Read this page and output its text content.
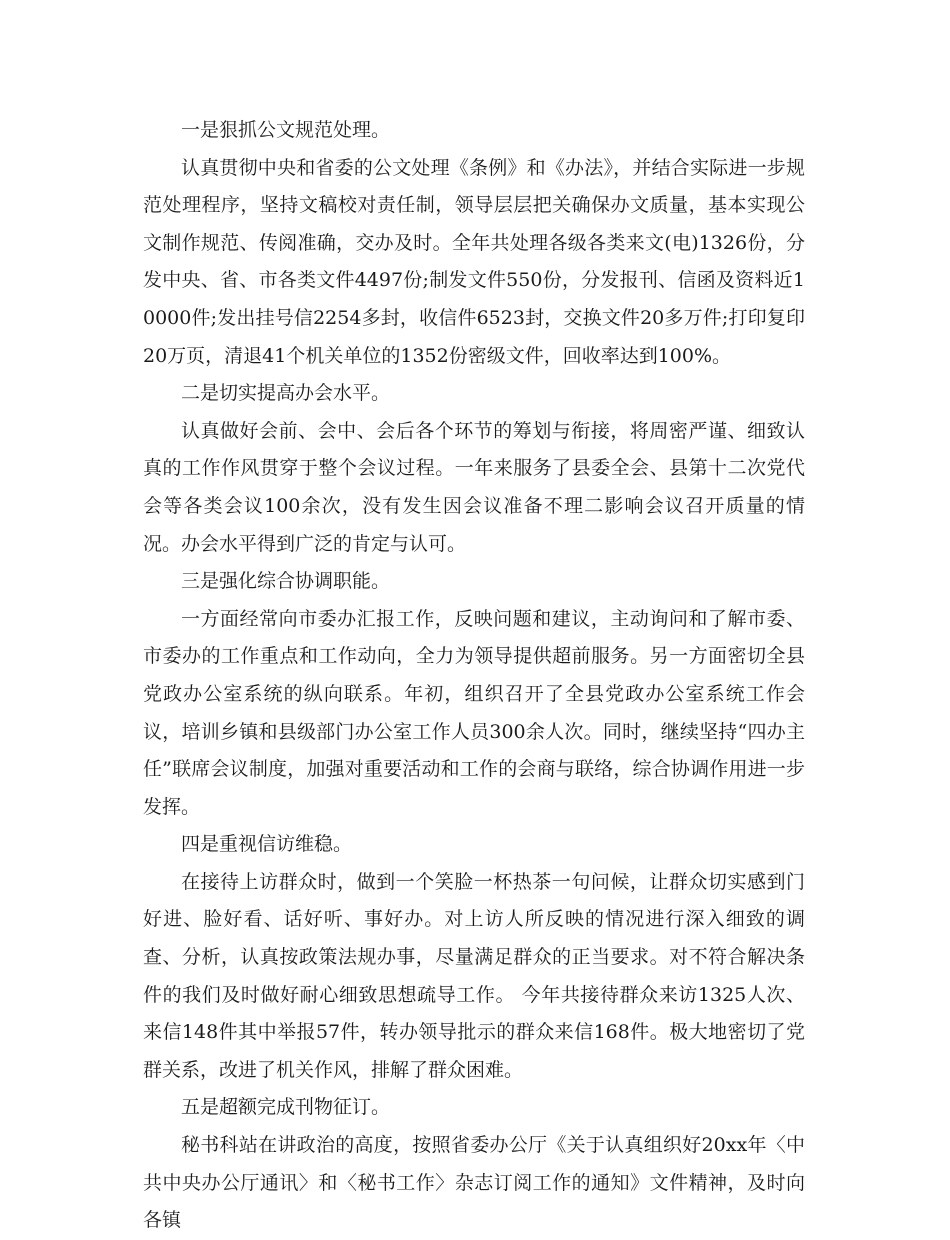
一是狠抓公文规范处理。

认真贯彻中央和省委的公文处理《条例》和《办法》，并结合实际进一步规范处理程序，坚持文稿校对责任制，领导层层把关确保办文质量，基本实现公文制作规范、传阅准确，交办及时。全年共处理各级各类来文(电)1326份，分发中央、省、市各类文件4497份;制发文件550份，分发报刊、信函及资料近10000件;发出挂号信2254多封，收信件6523封，交换文件20多万件;打印复印20万页，清退41个机关单位的1352份密级文件，回收率达到100%。

二是切实提高办会水平。

认真做好会前、会中、会后各个环节的筹划与衔接，将周密严谨、细致认真的工作作风贯穿于整个会议过程。一年来服务了县委全会、县第十二次党代会等各类会议100余次，没有发生因会议准备不理二影响会议召开质量的情况。办会水平得到广泛的肯定与认可。

三是强化综合协调职能。

一方面经常向市委办汇报工作，反映问题和建议，主动询问和了解市委、市委办的工作重点和工作动向，全力为领导提供超前服务。另一方面密切全县党政办公室系统的纵向联系。年初，组织召开了全县党政办公室系统工作会议，培训乡镇和县级部门办公室工作人员300余人次。同时，继续坚持“四办主任”联席会议制度，加强对重要活动和工作的会商与联络，综合协调作用进一步发挥。

四是重视信访维稳。

在接待上访群众时，做到一个笑脸一杯热茶一句问候，让群众切实感到门好进、脸好看、话好听、事好办。对上访人所反映的情况进行深入细致的调查、分析，认真按政策法规办事，尽量满足群众的正当要求。对不符合解决条件的我们及时做好耐心细致思想疏导工作。 今年共接待群众来访1325人次、来信148件其中举报57件，转办领导批示的群众来信168件。极大地密切了党群关系，改进了机关作风，排解了群众困难。

五是超额完成刊物征订。

秘书科站在讲政治的高度，按照省委办公厅《关于认真组织好20xx年〈中共中央办公厅通讯〉和〈秘书工作〉杂志订阅工作的通知》文件精神，及时向各镇
